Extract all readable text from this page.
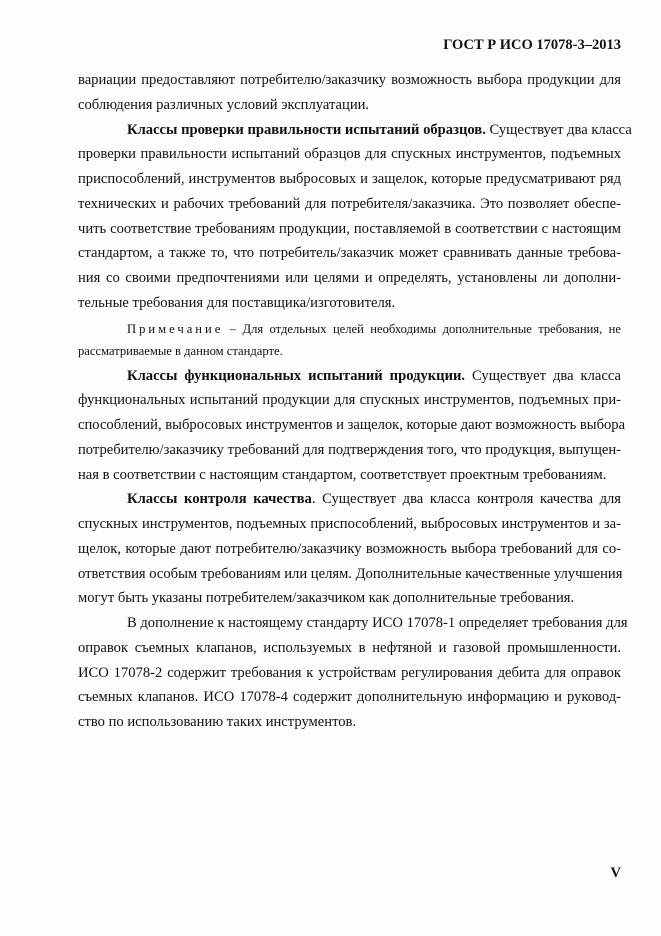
ГОСТ Р ИСО 17078-3–2013
вариации предоставляют потребителю/заказчику возможность выбора продукции для
соблюдения различных условий эксплуатации.
Классы проверки правильности испытаний образцов. Существует два класса
проверки правильности испытаний образцов для спускных инструментов, подъемных
приспособлений, инструментов выбросовых и защелок, которые предусматривают ряд
технических и рабочих требований для потребителя/заказчика. Это позволяет обеспе-
чить соответствие требованиям продукции, поставляемой в соответствии с настоящим
стандартом, а также то, что потребитель/заказчик может сравнивать данные требова-
ния со своими предпочтениями или целями и определять, установлены ли дополни-
тельные требования для поставщика/изготовителя.
Примечание – Для отдельных целей необходимы дополнительные требования, не
рассматриваемые в данном стандарте.
Классы функциональных испытаний продукции. Существует два класса
функциональных испытаний продукции для спускных инструментов, подъемных при-
способлений, выбросовых инструментов и защелок, которые дают возможность выбора
потребителю/заказчику требований для подтверждения того, что продукция, выпущен-
ная в соответствии с настоящим стандартом, соответствует проектным требованиям.
Классы контроля качества. Существует два класса контроля качества для
спускных инструментов, подъемных приспособлений, выбросовых инструментов и за-
щелок, которые дают потребителю/заказчику возможность выбора требований для со-
ответствия особым требованиям или целям. Дополнительные качественные улучшения
могут быть указаны потребителем/заказчиком как дополнительные требования.
В дополнение к настоящему стандарту ИСО 17078-1 определяет требования для
оправок съемных клапанов, используемых в нефтяной и газовой промышленности.
ИСО 17078-2 содержит требования к устройствам регулирования дебита для оправок
съемных клапанов. ИСО 17078-4 содержит дополнительную информацию и руковод-
ство по использованию таких инструментов.
V
